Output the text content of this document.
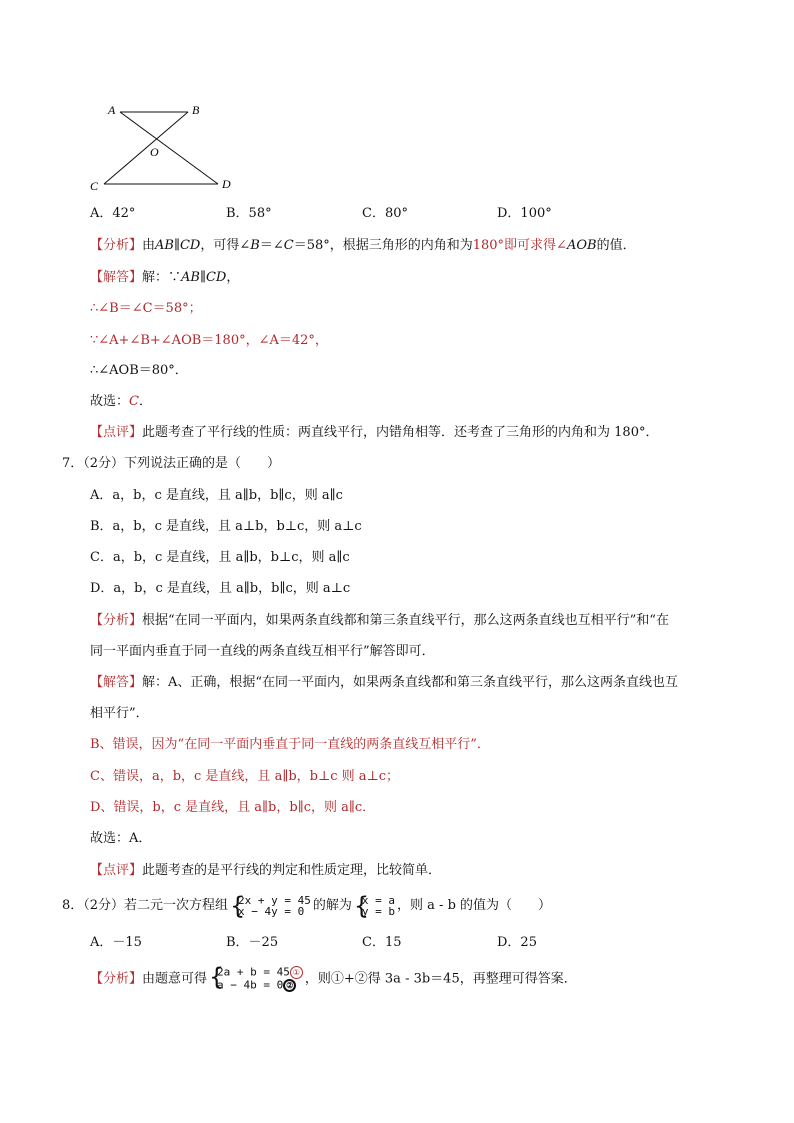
A	B
O
C	D
A．42°	B．58°	C．80°	D．100°
【分析】由AB∥CD，可得∠B＝∠C＝58°，根据三角形的内角和为180°即可求得∠AOB的值．
【解答】解：∵AB∥CD，
∴∠B＝∠C＝58°；
∵∠A+∠B+∠AOB＝180°，∠A＝42°，
∴∠AOB＝80°．
故选：C．
【点评】此题考查了平行线的性质：两直线平行，内错角相等．还考查了三角形的内角和为 180°．
7．（2分）下列说法正确的是（　　）
A．a，b，c 是直线，且 a∥b，b∥c，则 a∥c
B．a，b，c 是直线，且 a⊥b，b⊥c，则 a⊥c
C．a，b，c 是直线，且 a∥b，b⊥c，则 a∥c
D．a，b，c 是直线，且 a∥b，b∥c，则 a⊥c
【分析】根据“在同一平面内，如果两条直线都和第三条直线平行，那么这两条直线也互相平行”和“在
同一平面内垂直于同一直线的两条直线互相平行”解答即可．
【解答】解：A、正确，根据“在同一平面内，如果两条直线都和第三条直线平行，那么这两条直线也互
相平行”．
B、错误，因为“在同一平面内垂直于同一直线的两条直线互相平行”．
C、错误，a，b，c 是直线，且 a∥b，b⊥c 则 a⊥c；
D、错误，b，c 是直线，且 a∥b，b∥c，则 a∥c．
故选：A．
【点评】此题考查的是平行线的判定和性质定理，比较简单．
8．（2分）若二元一次方程组 {
2x + y = 45
x − 4y = 0 的解为 {
x = a
y = b ，则 a - b 的值为（　　）
A．－15	B．－25	C．15	D．25
【分析】由题意可得 {
2a + b = 45 ①
a − 4b = 0 ② ，则①+②得 3a - 3b＝45，再整理可得答案．
